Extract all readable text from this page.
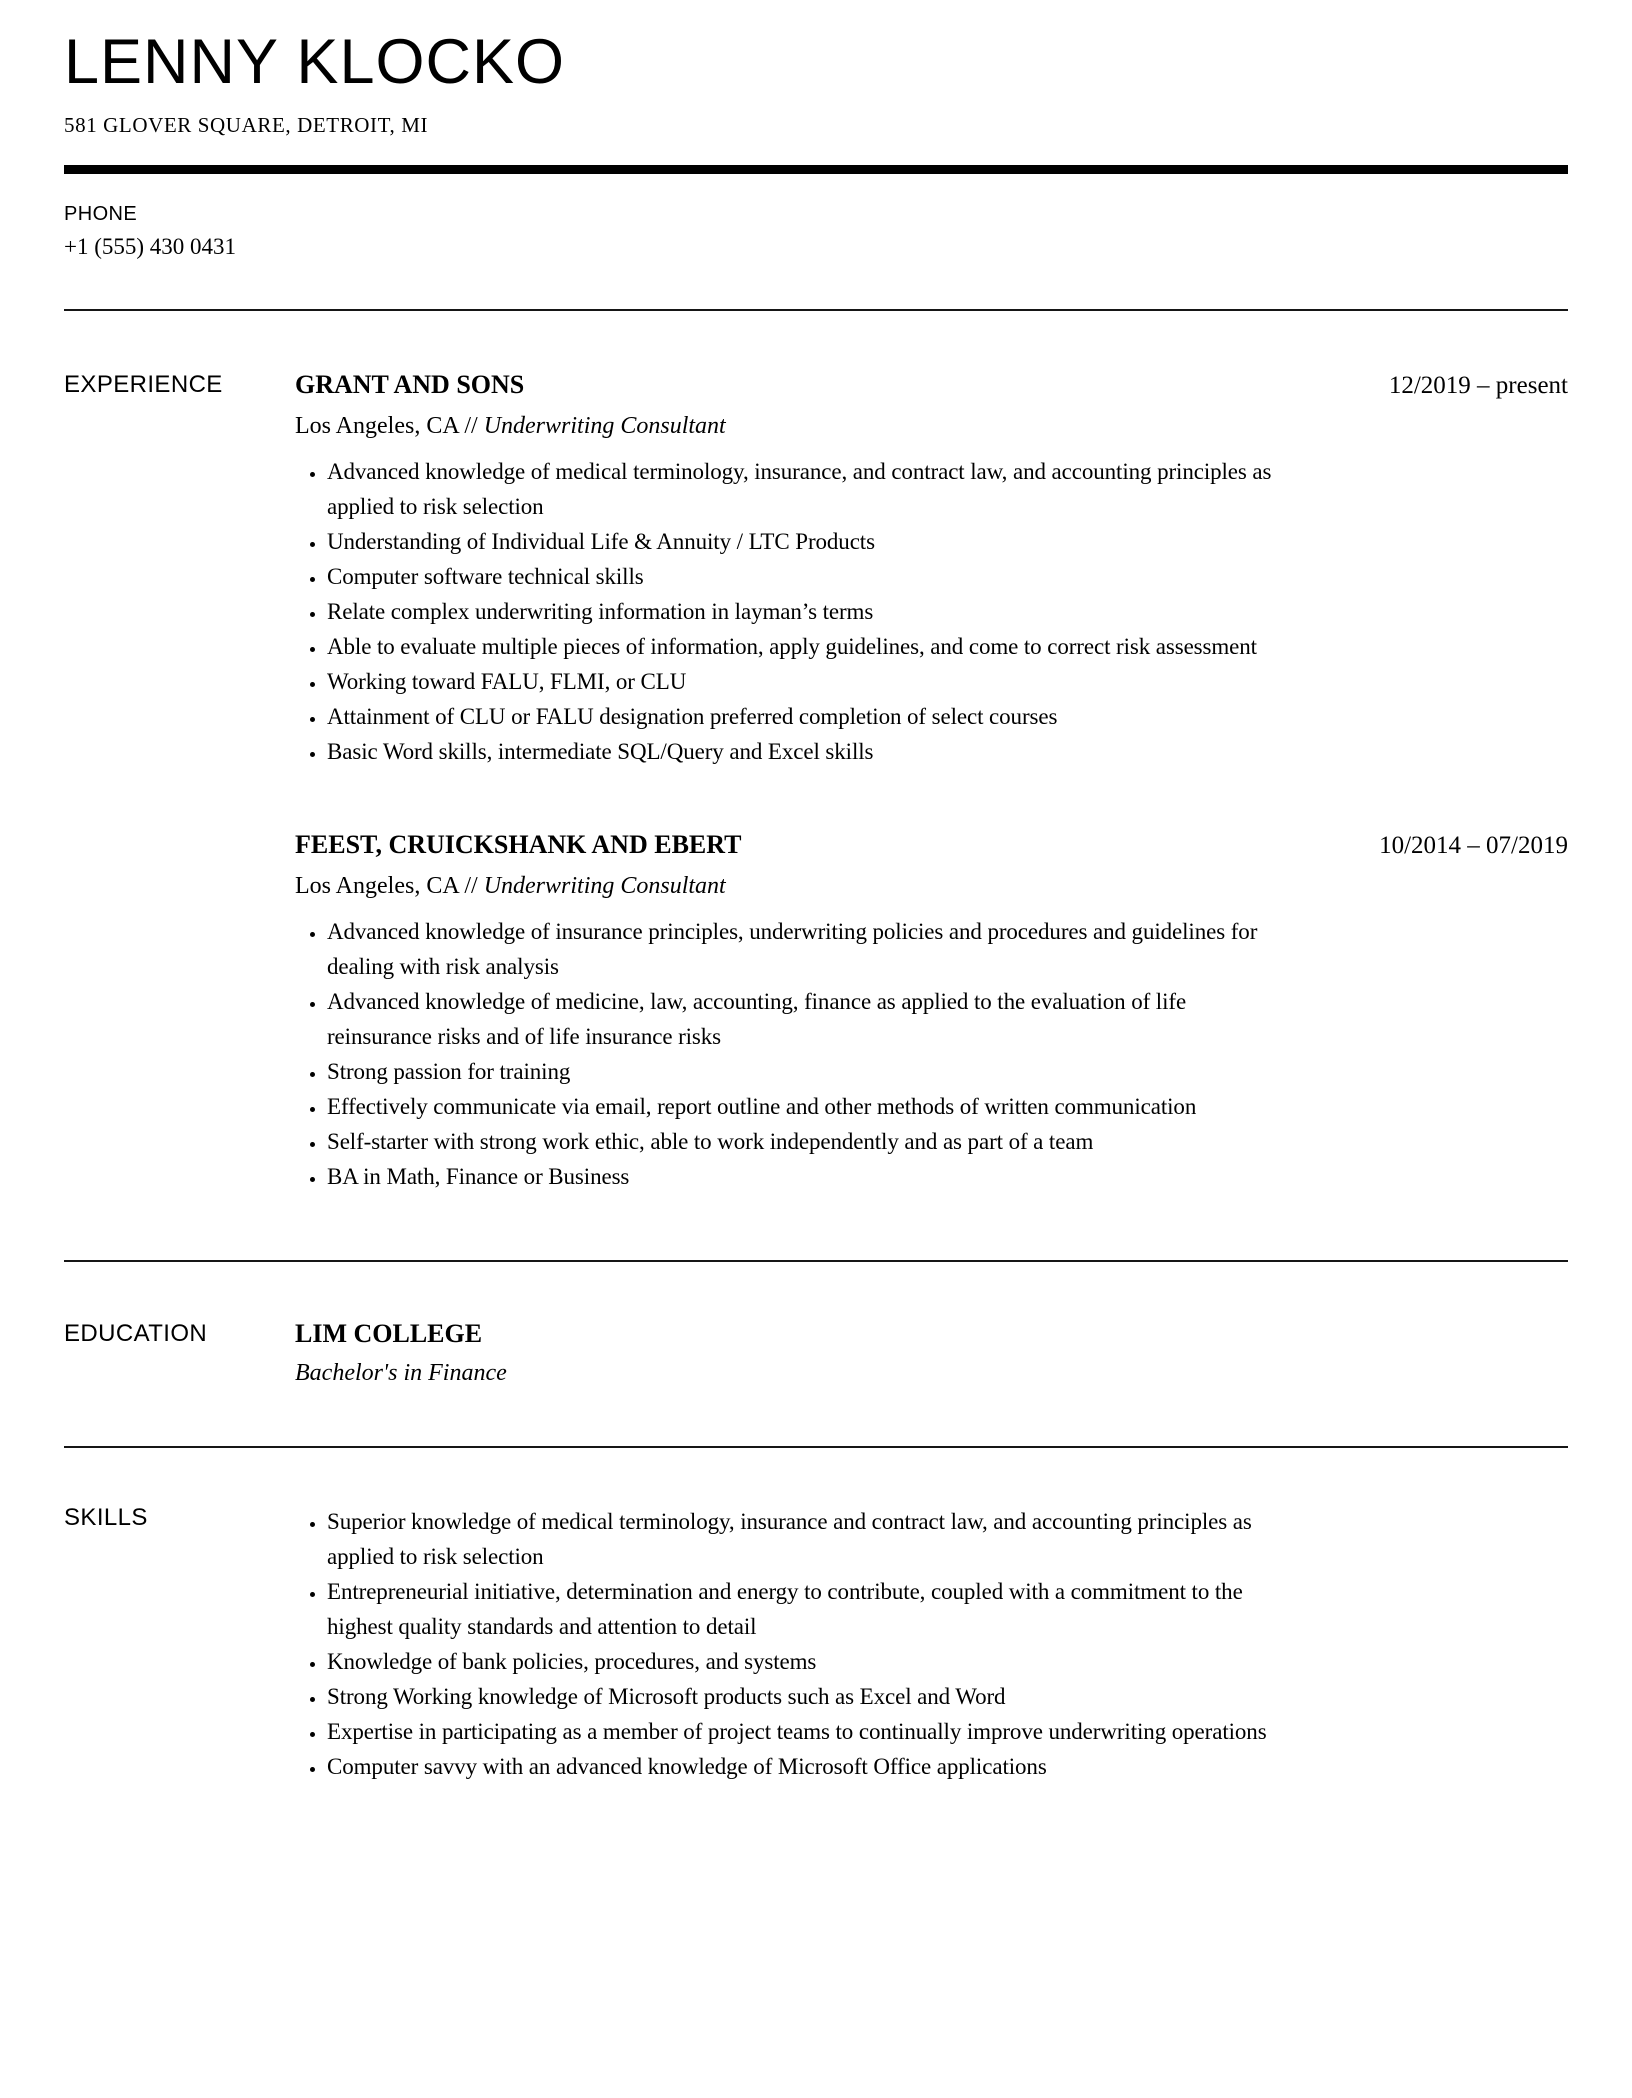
LENNY KLOCKO
581 GLOVER SQUARE, DETROIT, MI
PHONE
+1 (555) 430 0431
EXPERIENCE	GRANT AND SONS	12/2019 – present
Los Angeles, CA // Underwriting Consultant
• Advanced knowledge of medical terminology, insurance, and contract law, and accounting principles as applied to risk selection
• Understanding of Individual Life & Annuity / LTC Products
• Computer software technical skills
• Relate complex underwriting information in layman’s terms
• Able to evaluate multiple pieces of information, apply guidelines, and come to correct risk assessment
• Working toward FALU, FLMI, or CLU
• Attainment of CLU or FALU designation preferred completion of select courses
• Basic Word skills, intermediate SQL/Query and Excel skills
FEEST, CRUICKSHANK AND EBERT	10/2014 – 07/2019
Los Angeles, CA // Underwriting Consultant
• Advanced knowledge of insurance principles, underwriting policies and procedures and guidelines for dealing with risk analysis
• Advanced knowledge of medicine, law, accounting, finance as applied to the evaluation of life reinsurance risks and of life insurance risks
• Strong passion for training
• Effectively communicate via email, report outline and other methods of written communication
• Self-starter with strong work ethic, able to work independently and as part of a team
• BA in Math, Finance or Business
EDUCATION	LIM COLLEGE
Bachelor's in Finance
SKILLS	• Superior knowledge of medical terminology, insurance and contract law, and accounting principles as applied to risk selection
• Entrepreneurial initiative, determination and energy to contribute, coupled with a commitment to the highest quality standards and attention to detail
• Knowledge of bank policies, procedures, and systems
• Strong Working knowledge of Microsoft products such as Excel and Word
• Expertise in participating as a member of project teams to continually improve underwriting operations
• Computer savvy with an advanced knowledge of Microsoft Office applications
